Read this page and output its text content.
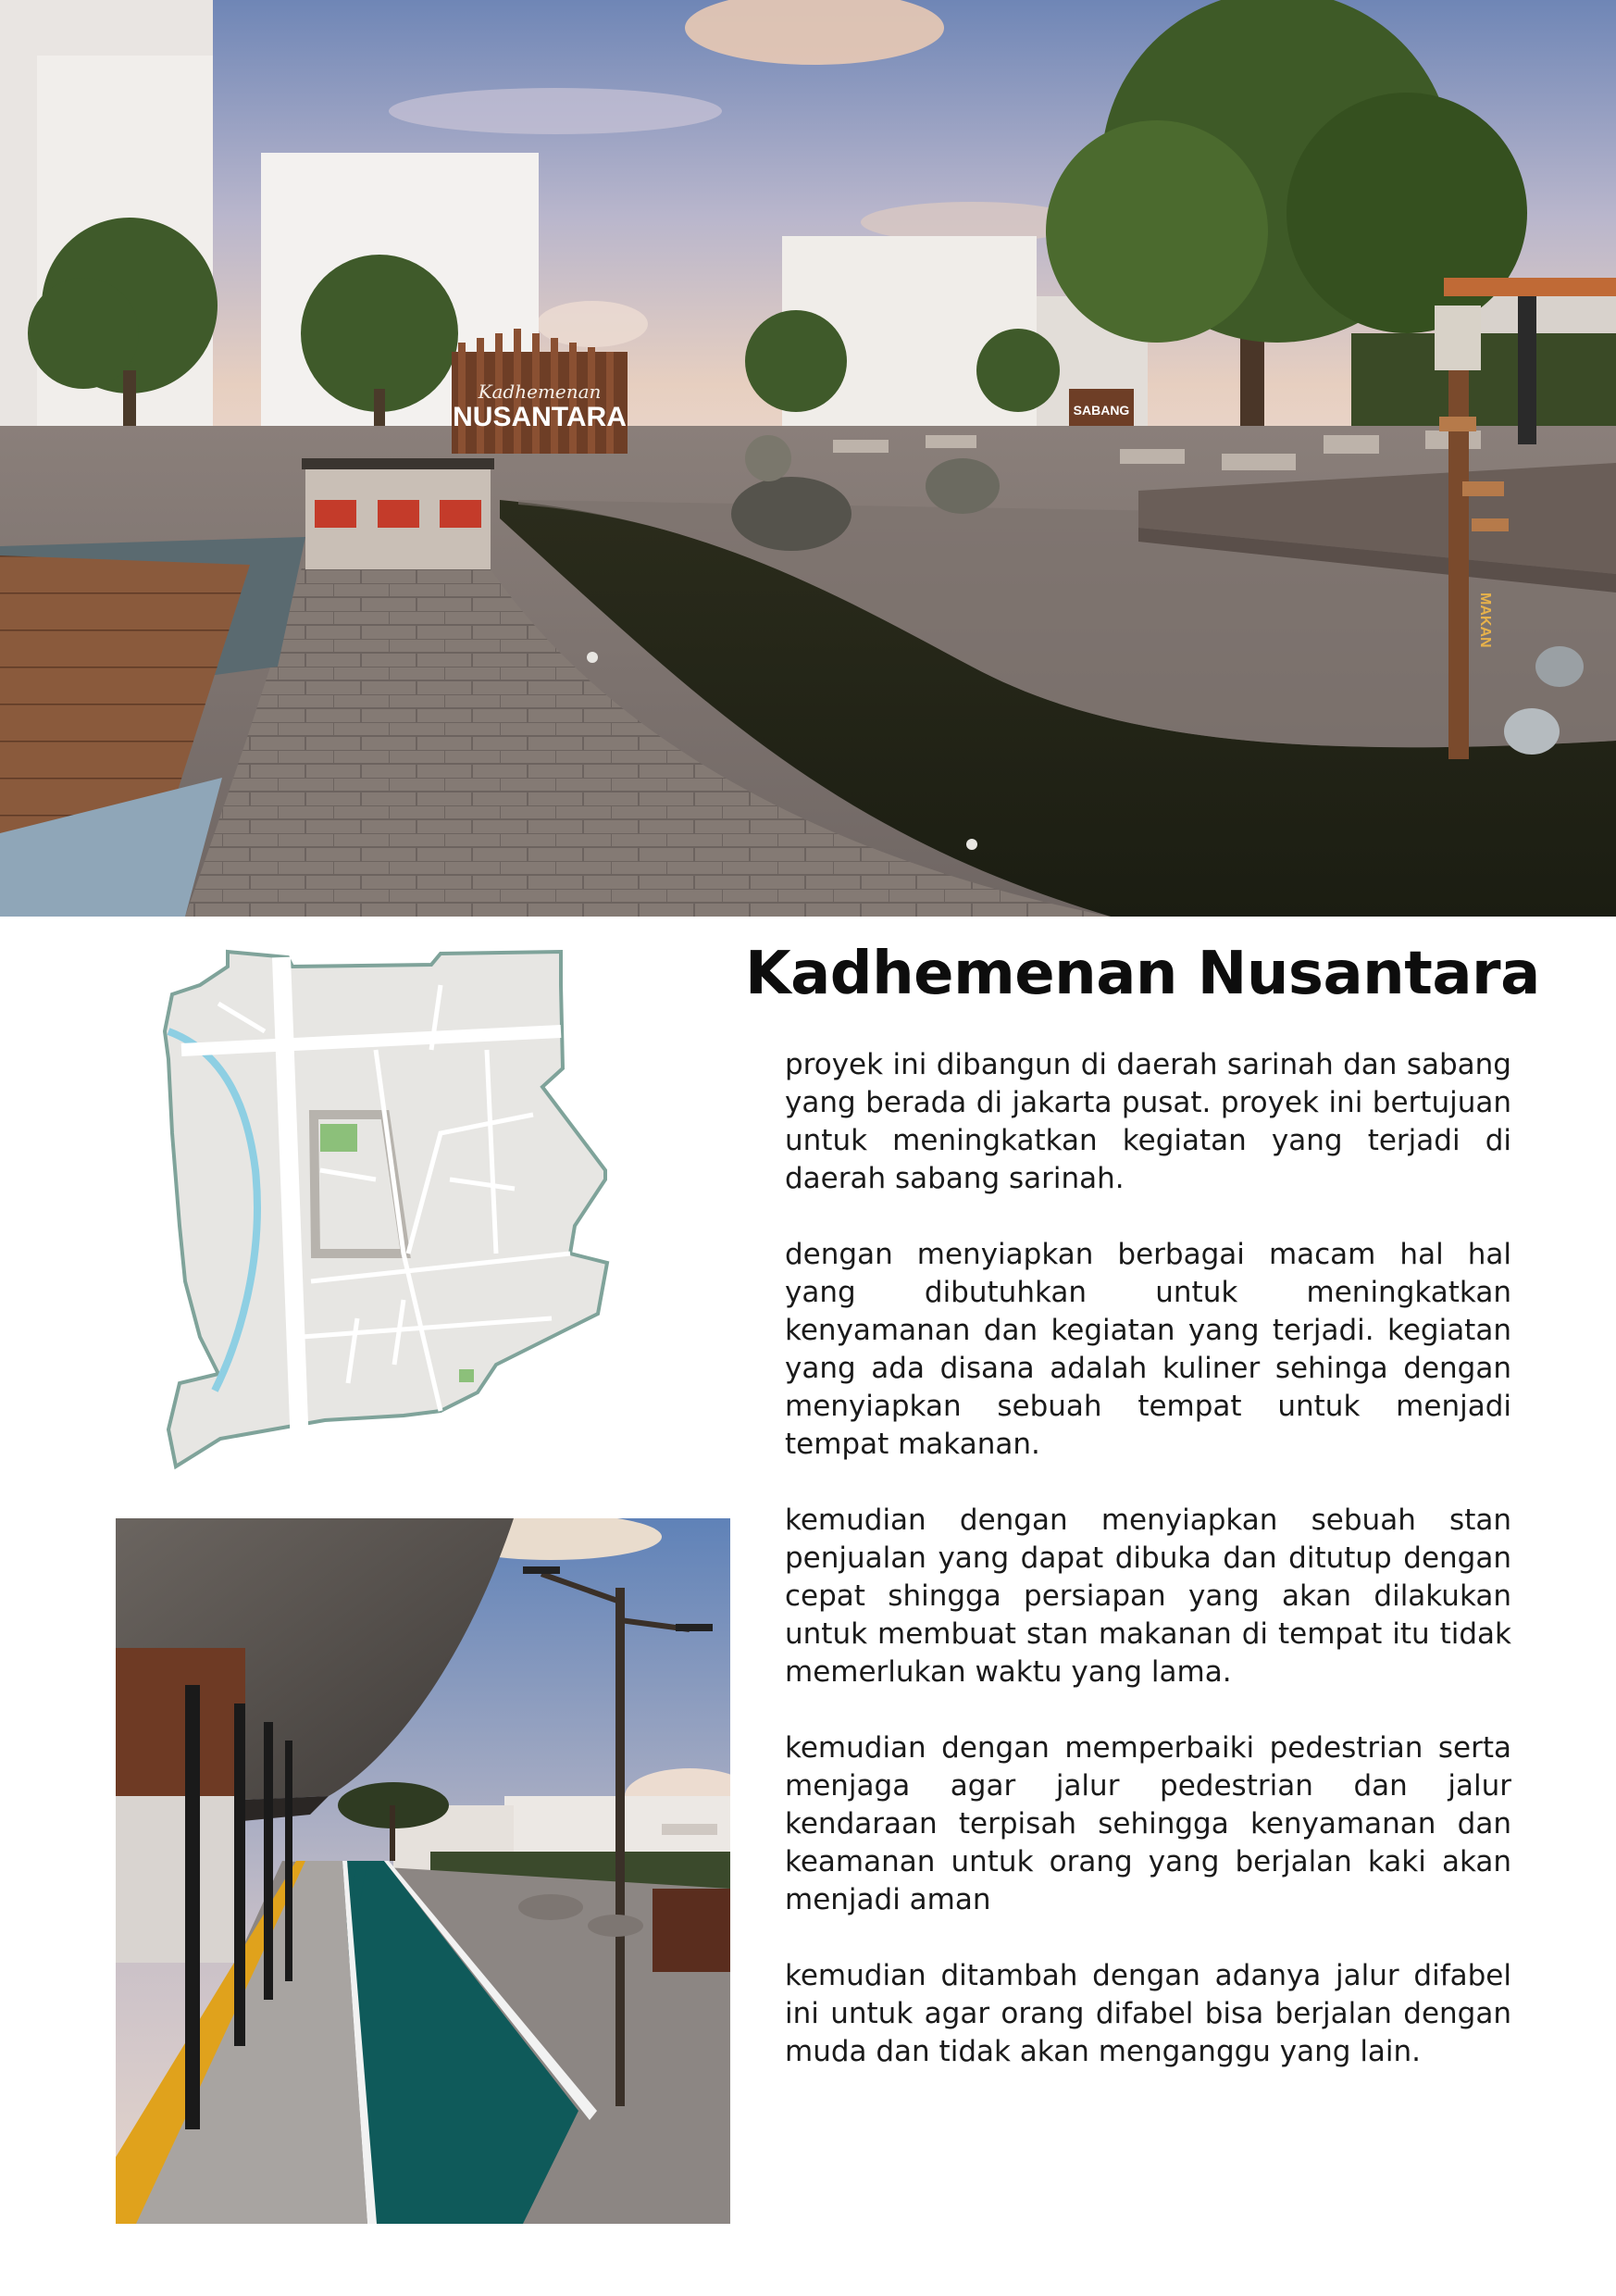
Kadhemenan
NUSANTARA	SABANG
MAKAN
Kadhemenan Nusantara

proyek ini dibangun di daerah sarinah dan sabang yang berada di jakarta pusat. proyek ini bertujuan untuk meningkatkan kegiatan yang terjadi di daerah sabang sarinah.

dengan menyiapkan berbagai macam hal hal yang dibutuhkan untuk meningkatkan kenyamanan dan kegiatan yang terjadi. kegiatan yang ada disana adalah kuliner sehinga dengan menyiapkan sebuah tempat untuk menjadi tempat makanan.

kemudian dengan menyiapkan sebuah stan penjualan yang dapat dibuka dan ditutup dengan cepat shingga persiapan yang akan dilakukan untuk membuat stan makanan di tempat itu tidak memerlukan waktu yang lama.

kemudian dengan memperbaiki pedestrian serta menjaga agar jalur pedestrian dan jalur kendaraan terpisah sehingga kenyamanan dan keamanan untuk orang yang berjalan kaki akan menjadi aman

kemudian ditambah dengan adanya jalur difabel ini untuk agar orang difabel bisa berjalan dengan muda dan tidak akan menganggu yang lain.
